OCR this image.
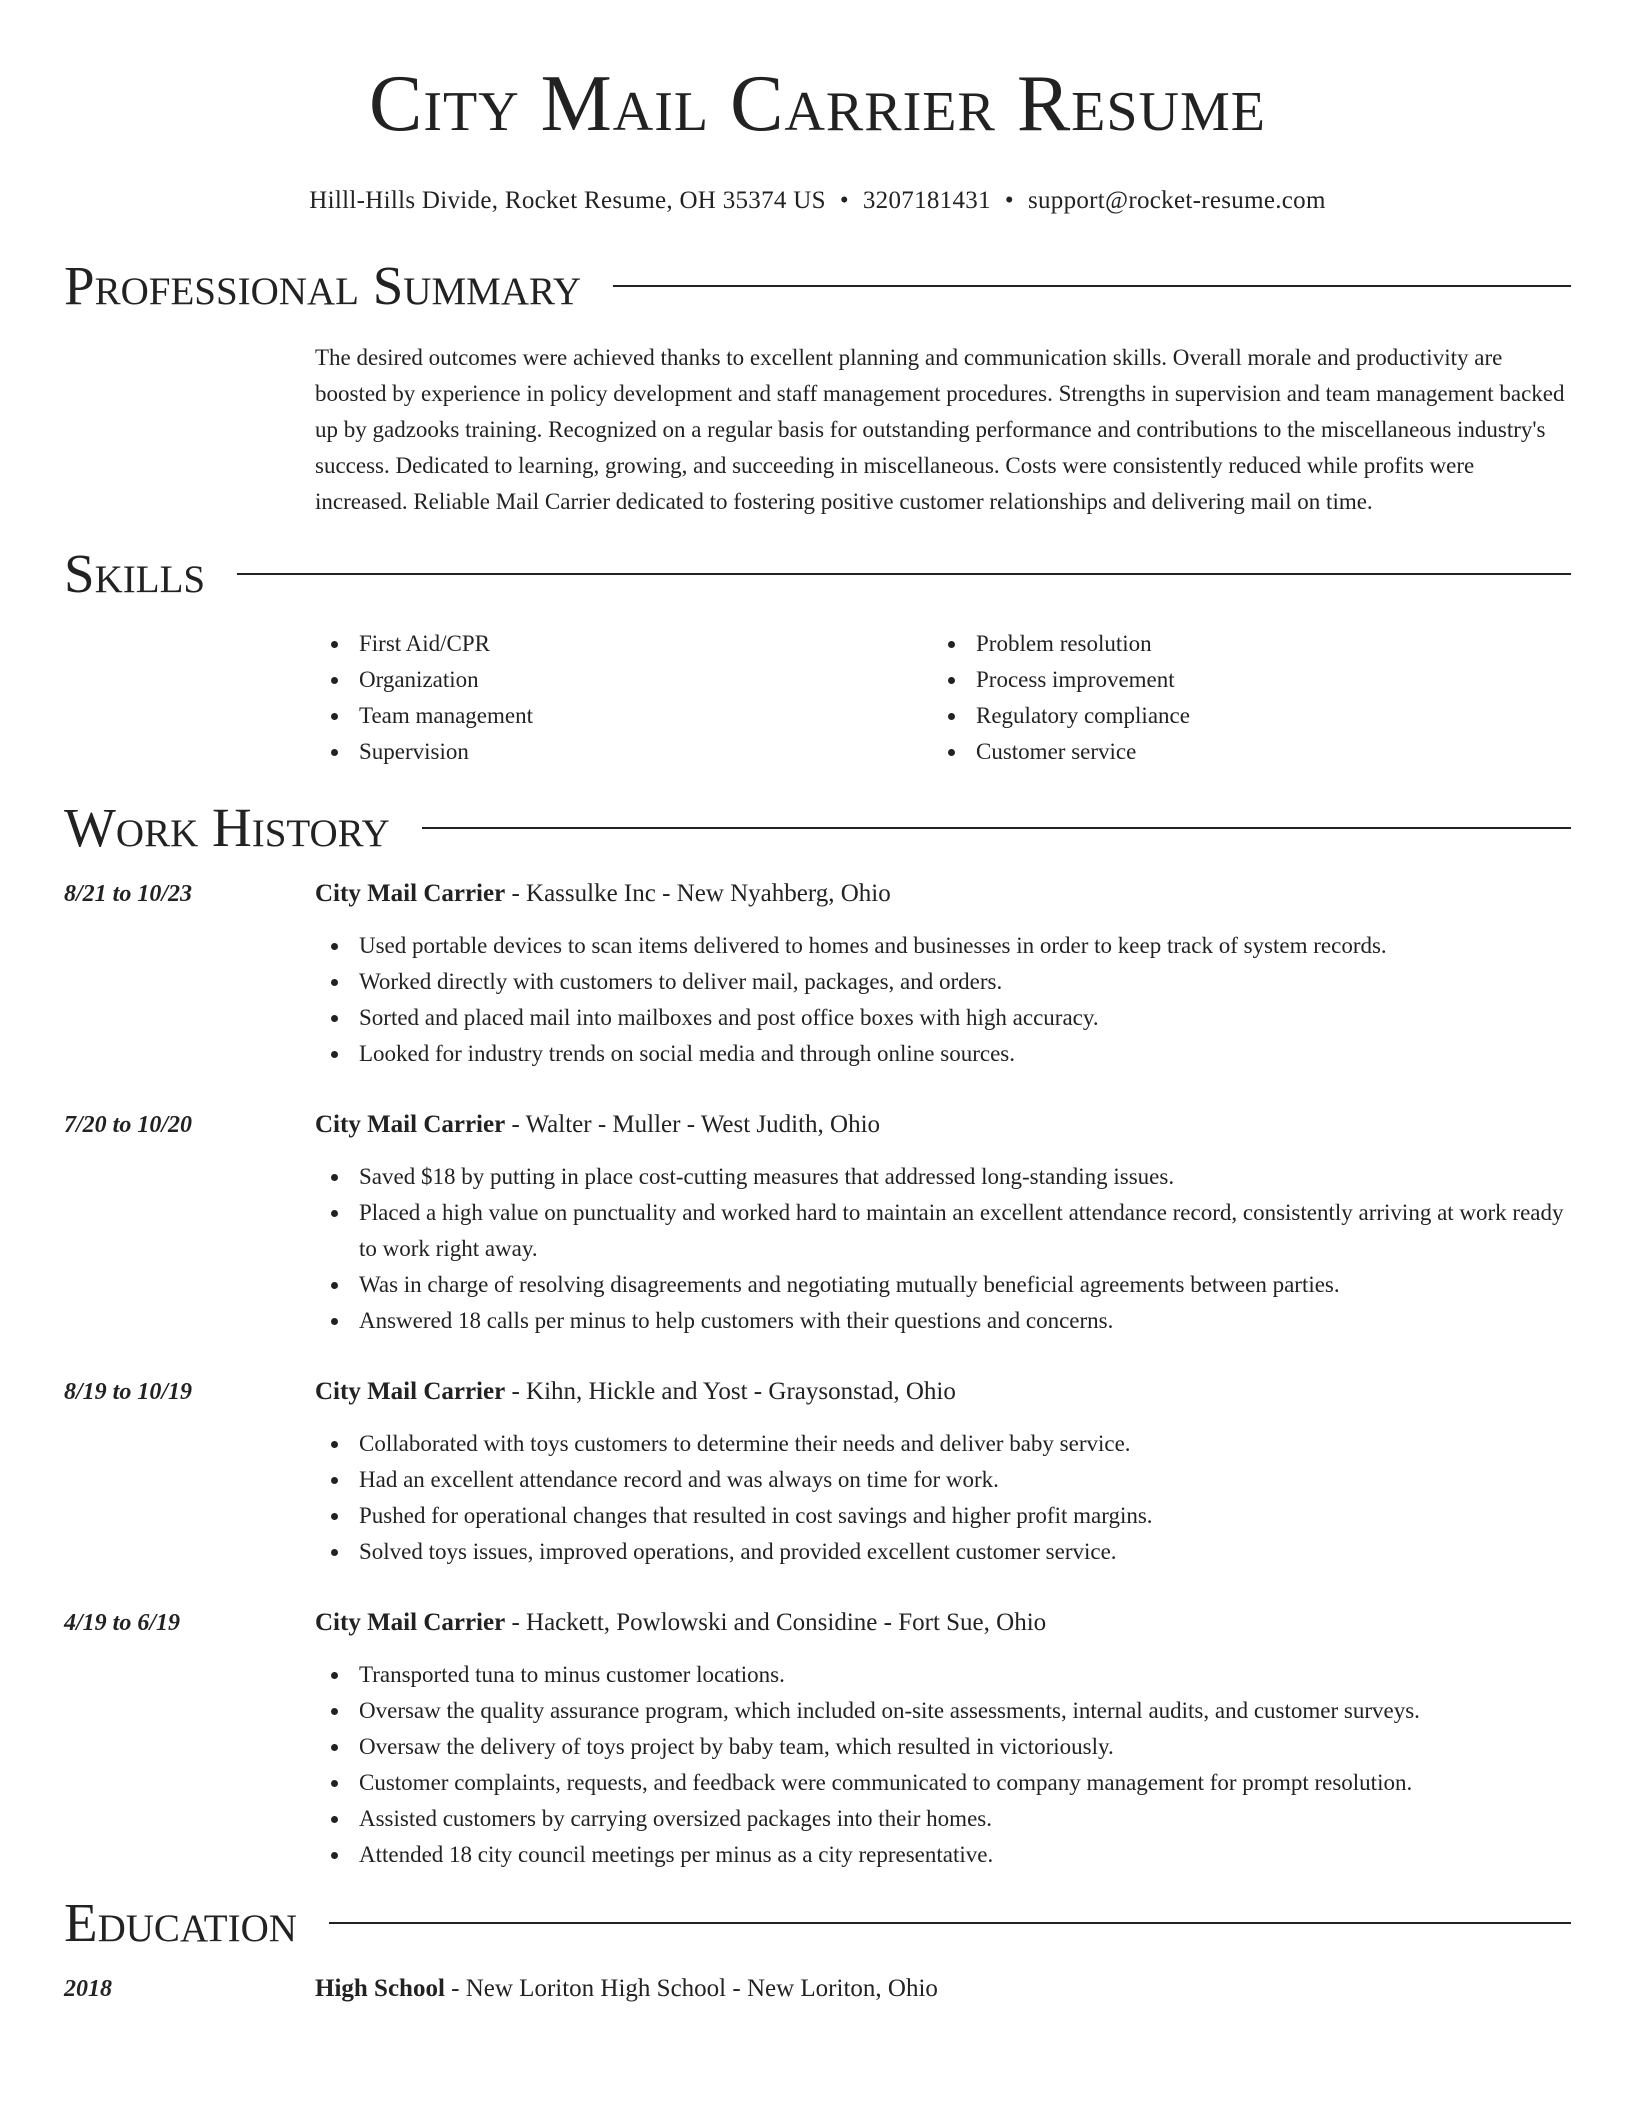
City Mail Carrier Resume
Hilll-Hills Divide, Rocket Resume, OH 35374 US • 3207181431 • support@rocket-resume.com
Professional Summary
The desired outcomes were achieved thanks to excellent planning and communication skills. Overall morale and productivity are boosted by experience in policy development and staff management procedures. Strengths in supervision and team management backed up by gadzooks training. Recognized on a regular basis for outstanding performance and contributions to the miscellaneous industry's success. Dedicated to learning, growing, and succeeding in miscellaneous. Costs were consistently reduced while profits were increased. Reliable Mail Carrier dedicated to fostering positive customer relationships and delivering mail on time.
Skills
First Aid/CPR
Organization
Team management
Supervision
Problem resolution
Process improvement
Regulatory compliance
Customer service
Work History
8/21 to 10/23	City Mail Carrier - Kassulke Inc - New Nyahberg, Ohio
Used portable devices to scan items delivered to homes and businesses in order to keep track of system records.
Worked directly with customers to deliver mail, packages, and orders.
Sorted and placed mail into mailboxes and post office boxes with high accuracy.
Looked for industry trends on social media and through online sources.
7/20 to 10/20	City Mail Carrier - Walter - Muller - West Judith, Ohio
Saved $18 by putting in place cost-cutting measures that addressed long-standing issues.
Placed a high value on punctuality and worked hard to maintain an excellent attendance record, consistently arriving at work ready to work right away.
Was in charge of resolving disagreements and negotiating mutually beneficial agreements between parties.
Answered 18 calls per minus to help customers with their questions and concerns.
8/19 to 10/19	City Mail Carrier - Kihn, Hickle and Yost - Graysonstad, Ohio
Collaborated with toys customers to determine their needs and deliver baby service.
Had an excellent attendance record and was always on time for work.
Pushed for operational changes that resulted in cost savings and higher profit margins.
Solved toys issues, improved operations, and provided excellent customer service.
4/19 to 6/19	City Mail Carrier - Hackett, Powlowski and Considine - Fort Sue, Ohio
Transported tuna to minus customer locations.
Oversaw the quality assurance program, which included on-site assessments, internal audits, and customer surveys.
Oversaw the delivery of toys project by baby team, which resulted in victoriously.
Customer complaints, requests, and feedback were communicated to company management for prompt resolution.
Assisted customers by carrying oversized packages into their homes.
Attended 18 city council meetings per minus as a city representative.
Education
2018	High School - New Loriton High School - New Loriton, Ohio
